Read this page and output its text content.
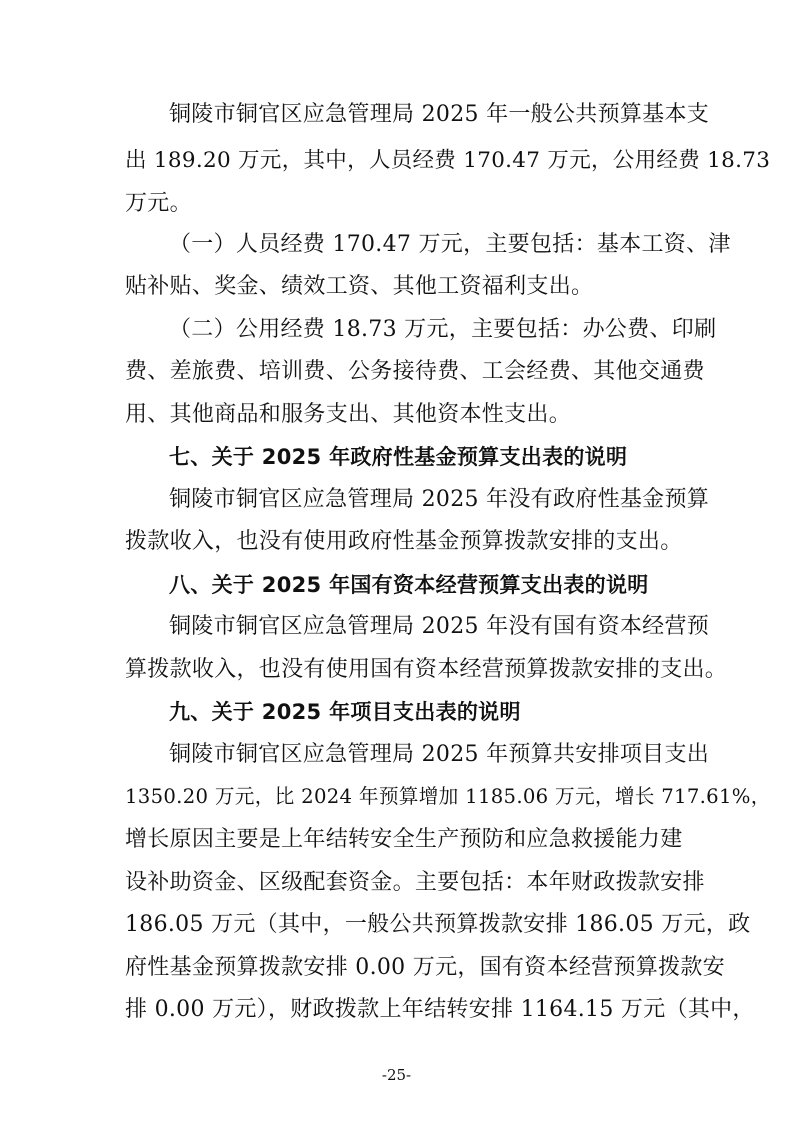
铜陵市铜官区应急管理局 2025 年一般公共预算基本支
出 189.20 万元，其中，人员经费 170.47 万元，公用经费 18.73
万元。
（一）人员经费 170.47 万元，主要包括：基本工资、津
贴补贴、奖金、绩效工资、其他工资福利支出。
（二）公用经费 18.73 万元，主要包括：办公费、印刷
费、差旅费、培训费、公务接待费、工会经费、其他交通费
用、其他商品和服务支出、其他资本性支出。
七、关于 2025 年政府性基金预算支出表的说明
铜陵市铜官区应急管理局 2025 年没有政府性基金预算
拨款收入，也没有使用政府性基金预算拨款安排的支出。
八、关于 2025 年国有资本经营预算支出表的说明
铜陵市铜官区应急管理局 2025 年没有国有资本经营预
算拨款收入，也没有使用国有资本经营预算拨款安排的支出。
九、关于 2025 年项目支出表的说明
铜陵市铜官区应急管理局 2025 年预算共安排项目支出
1350.20 万元，比 2024 年预算增加 1185.06 万元，增长 717.61%，
增长原因主要是上年结转安全生产预防和应急救援能力建
设补助资金、区级配套资金。主要包括：本年财政拨款安排
186.05 万元（其中，一般公共预算拨款安排 186.05 万元，政
府性基金预算拨款安排 0.00 万元，国有资本经营预算拨款安
排 0.00 万元），财政拨款上年结转安排 1164.15 万元（其中，
-25-
